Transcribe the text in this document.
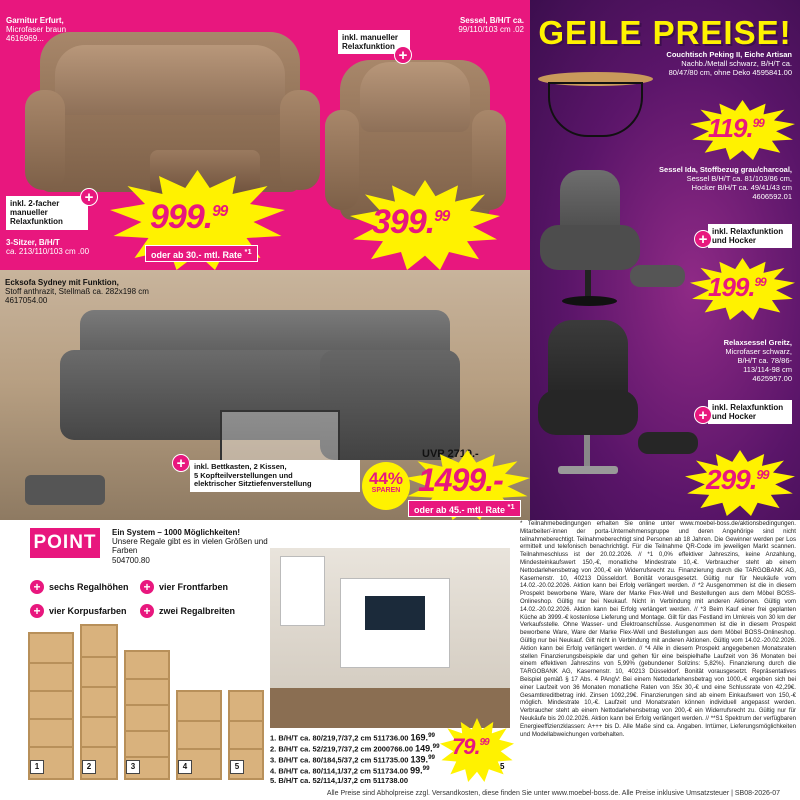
Garnitur Erfurt,
Microfaser braun
4616969...
Sessel, B/H/T ca.
99/110/103 cm .02
inkl. manueller Relaxfunktion
+
inkl. 2-facher manueller Relaxfunktion
+
3-Sitzer, B/H/T
ca. 213/110/103 cm .00
999.99
oder ab 30.- mtl. Rate $^{*1}$
399.99
GEILE PREISE!
Couchtisch Peking II, Eiche Artisan
Nachb./Metall schwarz, B/H/T ca.
80/47/80 cm, ohne Deko 4595841.00
119.99
Sessel Ida, Stoffbezug grau/charcoal,
Sessel B/H/T ca. 81/103/86 cm,
Hocker B/H/T ca. 49/41/43 cm
4606592.01
inkl. Relaxfunktion und Hocker
+
199.99
Relaxsessel Greitz,
Microfaser schwarz,
B/H/T ca. 78/86-
113/114-98 cm
4625957.00
inkl. Relaxfunktion und Hocker
+
299.99
Ecksofa Sydney mit Funktion,
Stoff anthrazit, Stellmaß ca. 282x198 cm
4617054.00
+	inkl. Bettkasten, 2 Kissen,
5 Kopfteilverstellungen und
elektrischer Sitztiefenverstellung	44%
SPAREN
UVP 2719.-
1499.-
oder ab 45.- mtl. Rate $^{*1}$
POINT	Ein System – 1000 Möglichkeiten!
Unsere Regale gibt es in vielen Größen und Farben
504700.80
+ sechs Regalhöhen + vier Frontfarben
+ vier Korpusfarben + zwei Regalbreiten
1	2	3	4	5
1. B/H/T ca. 80/219,7/37,2 cm 511736.00 169.99
2. B/H/T ca. 52/219,7/37,2 cm 2000766.00 149.99
3. B/H/T ca. 80/184,5/37,2 cm 511735.00 139.99
4. B/H/T ca. 80/114,1/37,2 cm 511734.00 99.99
5. B/H/T ca. 52/114,1/37,2 cm 511738.00
79.99
5
* Teilnahmebedingungen erhalten Sie online unter www.moebel-boss.de/aktionsbedingungen. Mitarbeiter/-innen der porta-Unternehmensgruppe und deren Angehörige sind nicht teilnahmeberechtigt. Teilnahmeberechtigt sind Personen ab 18 Jahren. Die Gewinner werden per Los ermittelt und telefonisch benachrichtigt. Für die Teilnahme QR-Code im jeweiligen Markt scannen. Teilnahmeschluss ist der 20.02.2026. // *1 0,0% effektiver Jahreszins, keine Anzahlung, Mindesteinkaufswert 150,-€, monatliche Mindestrate 10,-€. Verbraucher steht ab einem Nettodarlehensbetrag von 200,-€ ein Widerrufsrecht zu. Finanzierung durch die TARGOBANK AG, Kasernenstr. 10, 40213 Düsseldorf. Bonität vorausgesetzt. Gültig nur für Neukäufe vom 14.02.-20.02.2026. Aktion kann bei Erfolg verlängert werden. // *2 Ausgenommen ist die in diesem Prospekt beworbene Ware, Ware der Marke Flex-Well und Bestellungen aus dem Möbel BOSS-Onlineshop. Gültig nur bei Neukauf. Nicht in Verbindung mit anderen Aktionen. Gültig vom 14.02.-20.02.2026. Aktion kann bei Erfolg verlängert werden. // *3 Beim Kauf einer frei geplanten Küche ab 3999.-€ kostenlose Lieferung und Montage. Gilt für das Festland im Umkreis von 30 km der Verkaufsstelle. Ohne Wasser- und Elektroanschlüsse. Ausgenommen ist die in diesem Prospekt beworbene Ware, Ware der Marke Flex-Well und Bestellungen aus dem Möbel BOSS-Onlineshop. Gültig nur bei Neukauf. Gilt nicht in Verbindung mit anderen Aktionen. Gültig vom 14.02.-20.02.2026. Aktion kann bei Erfolg verlängert werden. // *4 Alle in diesem Prospekt angegebenen Monatsraten stellen Finanzierungsbeispiele dar und gehen für eine beispielhafte Laufzeit von 36 Monaten bei einem effektiven Jahreszins von 5,99% (gebundener Sollzins: 5,82%). Finanzierung durch die TARGOBANK AG, Kasernenstr. 10, 40213 Düsseldorf. Bonität vorausgesetzt. Repräsentatives Beispiel gemäß § 17 Abs. 4 PAngV: Bei einem Nettodarlehensbetrag von 1000,-€ ergeben sich bei einer Laufzeit von 36 Monaten monatliche Raten von 35x 30,-€ und eine Schlussrate von 42,29€. Gesamtkreditbetrag inkl. Zinsen 1092,29€. Finanzierungen sind ab einem Einkaufswert von 150,-€ möglich. Mindestrate 10,-€. Laufzeit und Monatsraten können individuell angepasst werden. Verbraucher steht ab einem Nettodarlehensbetrag von 200,-€ ein Widerrufsrecht zu. Gültig nur für Neukäufe bis 20.02.2026. Aktion kann bei Erfolg verlängert werden. // **S1 Spektrum der verfügbaren Energieeffizienzklassen: A+++ bis D. Alle Maße sind ca. Angaben. Irrtümer, Lieferungsmöglichkeiten und Modellabweichungen vorbehalten.
Alle Preise sind Abholpreise zzgl. Versandkosten, diese finden Sie unter www.moebel-boss.de. Alle Preise inklusive Umsatzsteuer | SB08-2026-07
